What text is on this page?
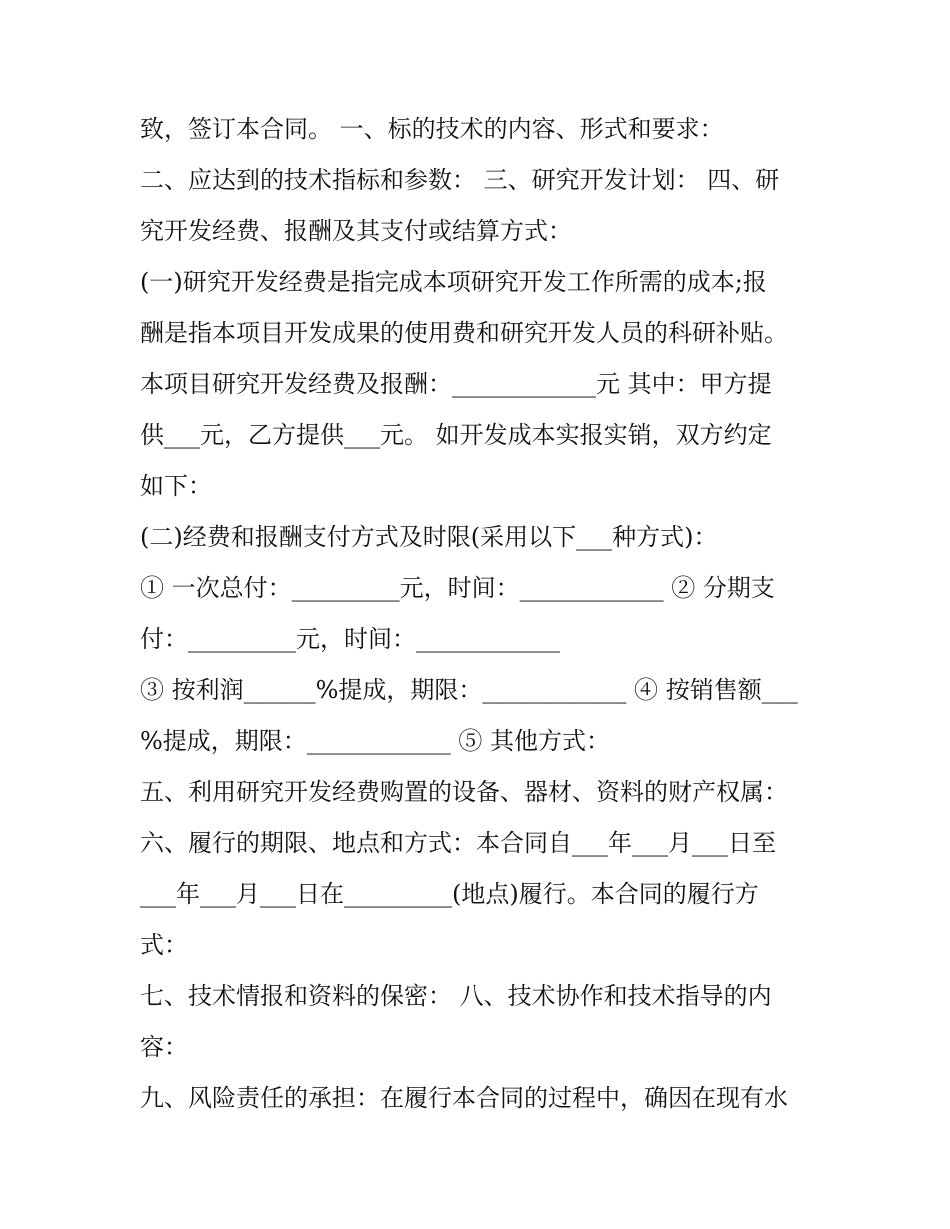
致，签订本合同。 一、标的技术的内容、形式和要求：
二、应达到的技术指标和参数： 三、研究开发计划： 四、研
究开发经费、报酬及其支付或结算方式：
(一)研究开发经费是指完成本项研究开发工作所需的成本;报
酬是指本项目开发成果的使用费和研究开发人员的科研补贴。
本项目研究开发经费及报酬：____________元 其中：甲方提
供___元，乙方提供___元。 如开发成本实报实销，双方约定
如下：
(二)经费和报酬支付方式及时限(采用以下___种方式)：
① 一次总付：_________元，时间：____________ ② 分期支
付：_________元，时间：____________
③ 按利润______%提成，期限：____________ ④ 按销售额___
%提成，期限：____________ ⑤ 其他方式：
五、利用研究开发经费购置的设备、器材、资料的财产权属：
六、履行的期限、地点和方式：本合同自___年___月___日至
___年___月___日在_________(地点)履行。本合同的履行方
式：
七、技术情报和资料的保密： 八、技术协作和技术指导的内
容：
九、风险责任的承担：在履行本合同的过程中，确因在现有水
